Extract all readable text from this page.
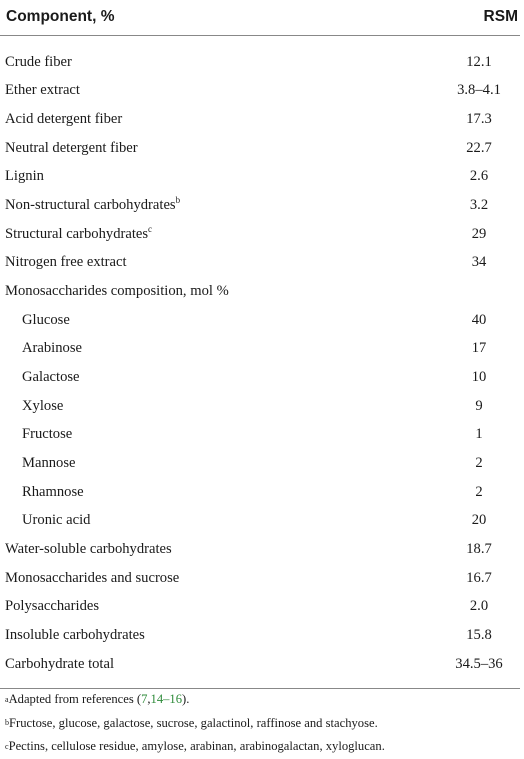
Component, %	RSM
Crude fiber	12.1
Ether extract	3.8–4.1
Acid detergent fiber	17.3
Neutral detergent fiber	22.7
Lignin	2.6
Non-structural carbohydrates$^b$	3.2
Structural carbohydrates$^c$	29
Nitrogen free extract	34
Monosaccharides composition, mol %
Glucose	40
Arabinose	17
Galactose	10
Xylose	9
Fructose	1
Mannose	2
Rhamnose	2
Uronic acid	20
Water-soluble carbohydrates	18.7
Monosaccharides and sucrose	16.7
Polysaccharides	2.0
Insoluble carbohydrates	15.8
Carbohydrate total	34.5–36
a Adapted from references ( 7 , 14–16 ).
b Fructose, glucose, galactose, sucrose, galactinol, raffinose and stachyose.
c Pectins, cellulose residue, amylose, arabinan, arabinogalactan, xyloglucan.
